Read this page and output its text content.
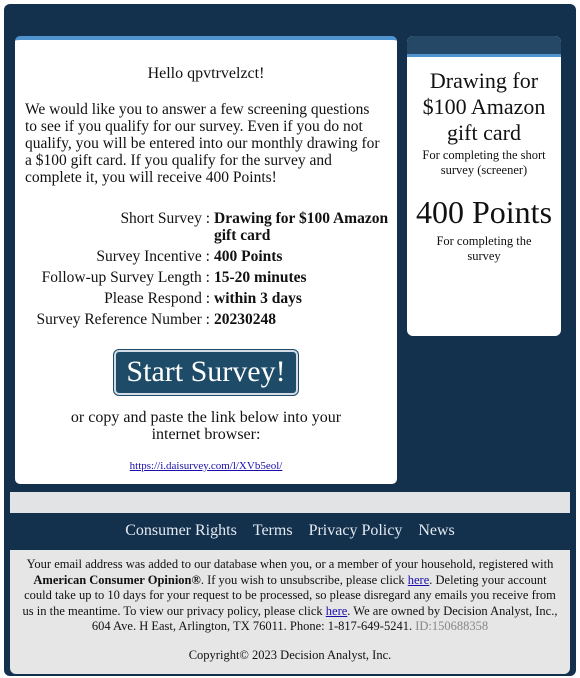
Hello qpvtrvelzct!

We would like you to answer a few screening questions to see if you qualify for our survey. Even if you do not qualify, you will be entered into our monthly drawing for a $100 gift card. If you qualify for the survey and complete it, you will receive 400 Points!

Short Survey :	Drawing for $100 Amazon gift card
Survey Incentive :	400 Points
Follow-up Survey Length :	15-20 minutes
Please Respond :	within 3 days
Survey Reference Number :	20230248
Start Survey!

or copy and paste the link below into your internet browser:

https://i.daisurvey.com/l/XVb5eol/
Drawing for $100 Amazon gift card
For completing the short survey (screener)
400 Points
For completing the survey
Consumer Rights Terms Privacy Policy News

Your email address was added to our database when you, or a member of your household, registered with American Consumer Opinion®. If you wish to unsubscribe, please click here. Deleting your account could take up to 10 days for your request to be processed, so please disregard any emails you receive from us in the meantime. To view our privacy policy, please click here. We are owned by Decision Analyst, Inc., 604 Ave. H East, Arlington, TX 76011. Phone: 1-817-649-5241. ID:150688358

Copyright© 2023 Decision Analyst, Inc.
